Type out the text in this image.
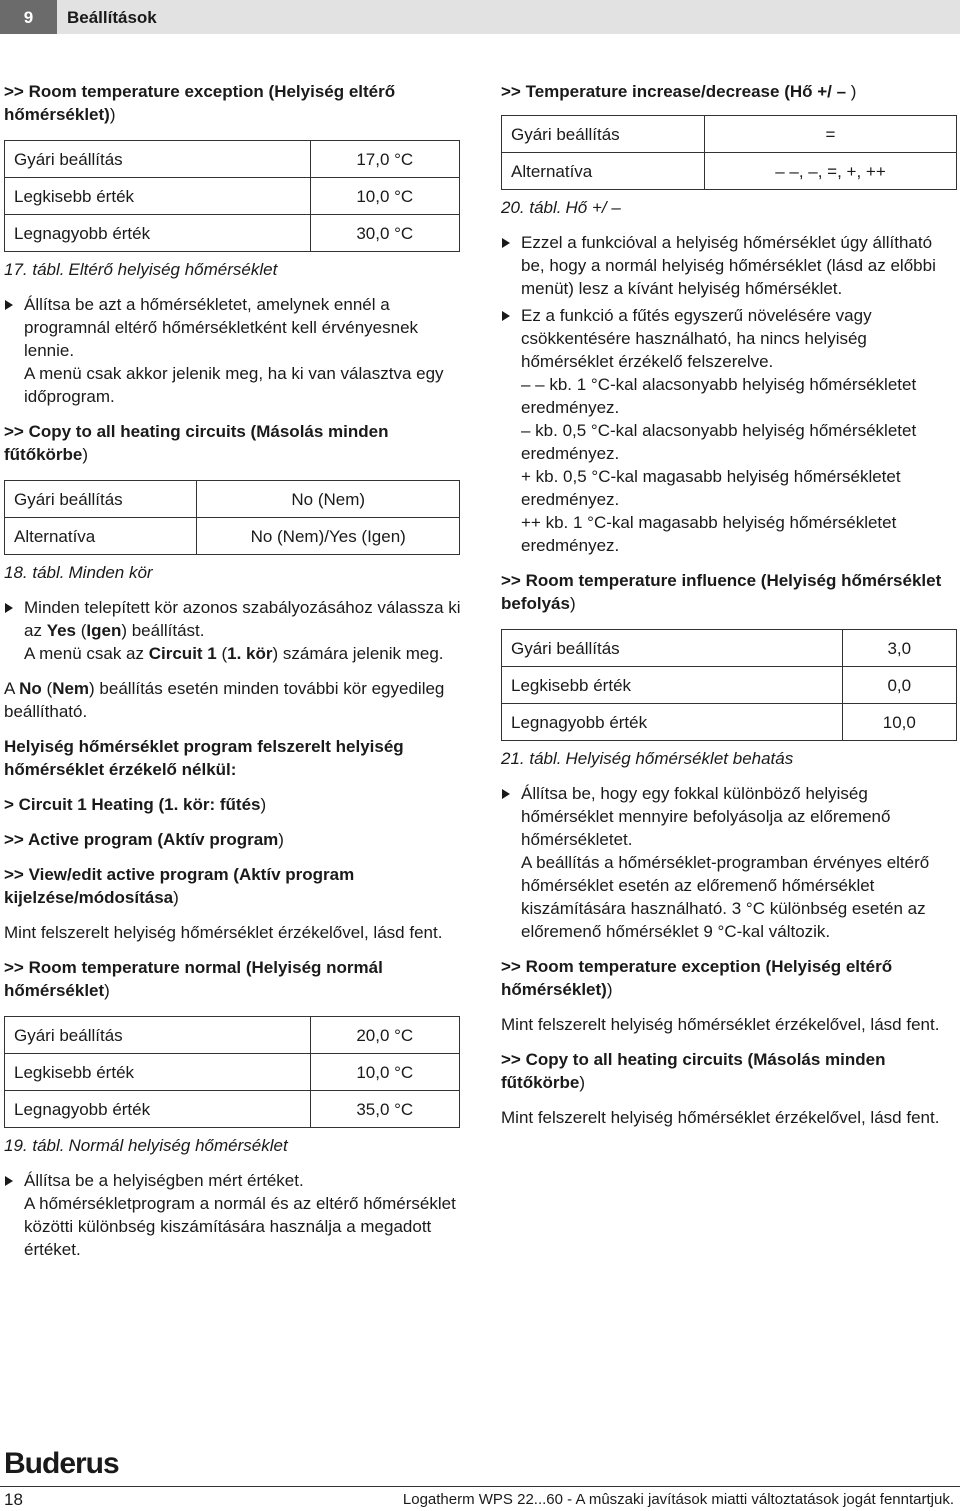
9	Beállítások
>> Room temperature exception (Helyiség eltérő hőmérséklet))
Gyári beállítás	17,0 °C
Legkisebb érték	10,0 °C
Legnagyobb érték	30,0 °C
17. tábl. Eltérő helyiség hőmérséklet
Állítsa be azt a hőmérsékletet, amelynek ennél a programnál eltérő hőmérsékletként kell érvényesnek lennie.
A menü csak akkor jelenik meg, ha ki van választva egy időprogram.
>> Copy to all heating circuits (Másolás minden fűtőkörbe)
Gyári beállítás	No (Nem)
Alternatíva	No (Nem)/Yes (Igen)
18. tábl. Minden kör
Minden telepített kör azonos szabályozásához válassza ki az Yes (Igen) beállítást.
A menü csak az Circuit 1 (1. kör) számára jelenik meg.

A No (Nem) beállítás esetén minden további kör egyedileg beállítható.

Helyiség hőmérséklet program felszerelt helyiség hőmérséklet érzékelő nélkül:
> Circuit 1 Heating (1. kör: fűtés)
>> Active program (Aktív program)
>> View/edit active program (Aktív program kijelzése/módosítása)

Mint felszerelt helyiség hőmérséklet érzékelővel, lásd fent.

>> Room temperature normal (Helyiség normál hőmérséklet)
Gyári beállítás	20,0 °C
Legkisebb érték	10,0 °C
Legnagyobb érték	35,0 °C
19. tábl. Normál helyiség hőmérséklet
Állítsa be a helyiségben mért értéket.
A hőmérsékletprogram a normál és az eltérő hőmérséklet közötti különbség kiszámítására használja a megadott értéket.
>> Temperature increase/decrease (Hő +/ – )
Gyári beállítás	=
Alternatíva	– –, –, =, +, ++
20. tábl. Hő +/ –
Ezzel a funkcióval a helyiség hőmérséklet úgy állítható be, hogy a normál helyiség hőmérséklet (lásd az előbbi menüt) lesz a kívánt helyiség hőmérséklet.
Ez a funkció a fűtés egyszerű növelésére vagy csökkentésére használható, ha nincs helyiség hőmérséklet érzékelő felszerelve.
– – kb. 1 °C-kal alacsonyabb helyiség hőmérsékletet eredményez.
– kb. 0,5 °C-kal alacsonyabb helyiség hőmérsékletet eredményez.
+ kb. 0,5 °C-kal magasabb helyiség hőmérsékletet eredményez.
++ kb. 1 °C-kal magasabb helyiség hőmérsékletet eredményez.
>> Room temperature influence (Helyiség hőmérséklet befolyás)
Gyári beállítás	3,0
Legkisebb érték	0,0
Legnagyobb érték	10,0
21. tábl. Helyiség hőmérséklet behatás
Állítsa be, hogy egy fokkal különböző helyiség hőmérséklet mennyire befolyásolja az előremenő hőmérsékletet.
A beállítás a hőmérséklet-programban érvényes eltérő hőmérséklet esetén az előremenő hőmérséklet kiszámítására használható. 3 °C különbség esetén az előremenő hőmérséklet 9 °C-kal változik.
>> Room temperature exception (Helyiség eltérő hőmérséklet))

Mint felszerelt helyiség hőmérséklet érzékelővel, lásd fent.

>> Copy to all heating circuits (Másolás minden fűtőkörbe)

Mint felszerelt helyiség hőmérséklet érzékelővel, lásd fent.

Buderus
18	Logatherm WPS 22...60 - A mûszaki javítások miatti változtatások jogát fenntartjuk.
